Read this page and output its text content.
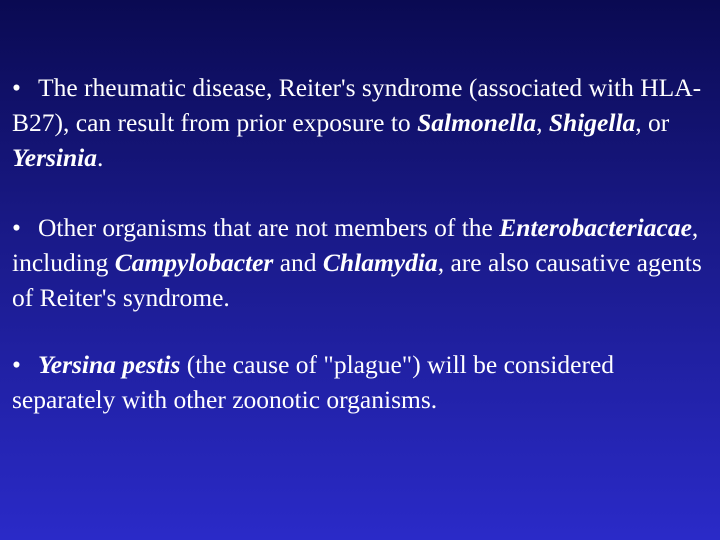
• The rheumatic disease, Reiter's syndrome (associated with HLA-B27), can result from prior exposure to Salmonella, Shigella, or Yersinia.

• Other organisms that are not members of the Enterobacteriacae, including Campylobacter and Chlamydia, are also causative agents of Reiter's syndrome.

• Yersina pestis (the cause of "plague") will be considered separately with other zoonotic organisms.
